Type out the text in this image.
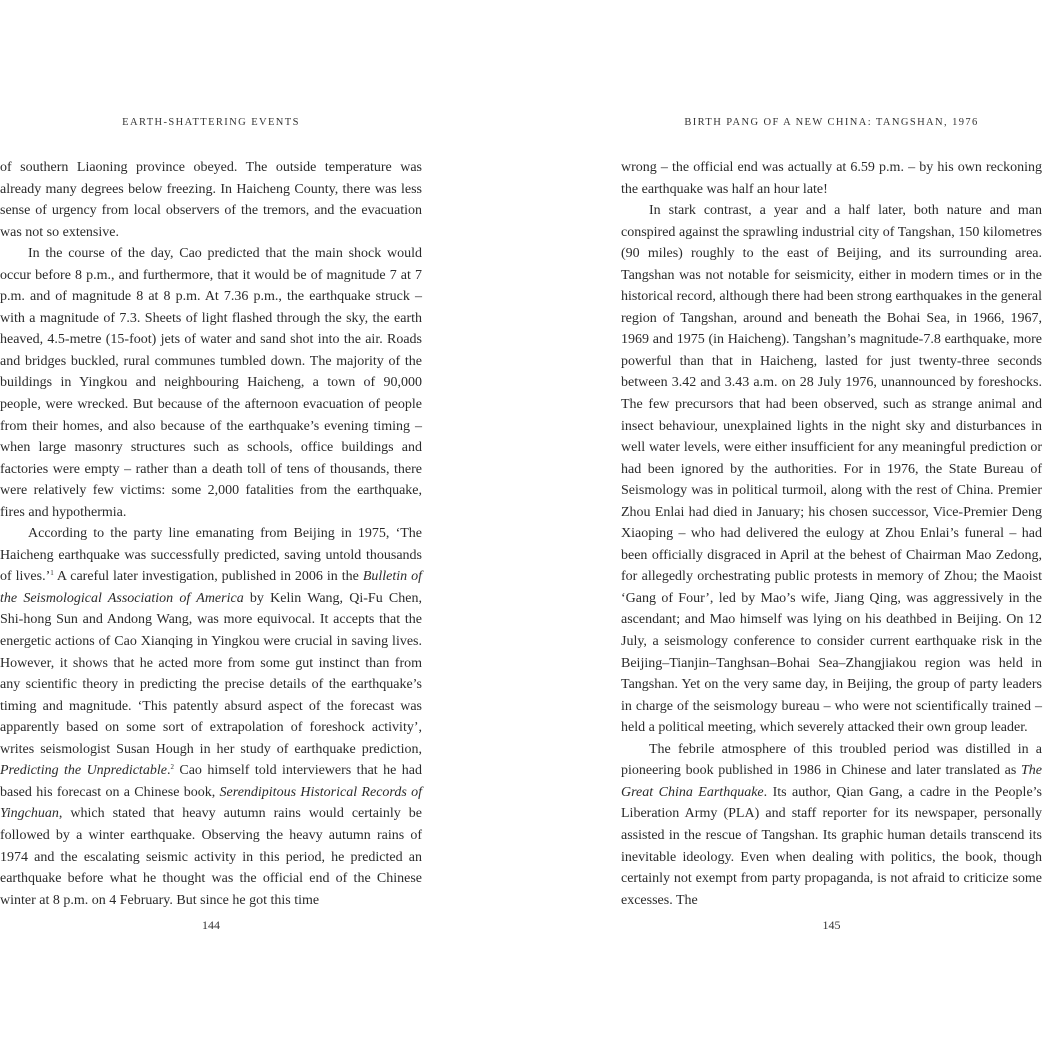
EARTH-SHATTERING EVENTS

of southern Liaoning province obeyed. The outside temperature was already many degrees below freezing. In Haicheng County, there was less sense of urgency from local observers of the tremors, and the evacuation was not so extensive.

In the course of the day, Cao predicted that the main shock would occur before 8 p.m., and furthermore, that it would be of magnitude 7 at 7 p.m. and of magnitude 8 at 8 p.m. At 7.36 p.m., the earthquake struck – with a magnitude of 7.3. Sheets of light flashed through the sky, the earth heaved, 4.5-metre (15-foot) jets of water and sand shot into the air. Roads and bridges buckled, rural communes tumbled down. The majority of the buildings in Yingkou and neighbouring Haicheng, a town of 90,000 people, were wrecked. But because of the afternoon evacuation of people from their homes, and also because of the earthquake’s evening timing – when large masonry structures such as schools, office buildings and factories were empty – rather than a death toll of tens of thousands, there were relatively few victims: some 2,000 fatalities from the earthquake, fires and hypothermia.

According to the party line emanating from Beijing in 1975, ‘The Haicheng earthquake was successfully predicted, saving untold thousands of lives.’$^1$ A careful later investigation, published in 2006 in the Bulletin of the Seismological Association of America by Kelin Wang, Qi-Fu Chen, Shi-hong Sun and Andong Wang, was more equivocal. It accepts that the energetic actions of Cao Xianqing in Yingkou were crucial in saving lives. However, it shows that he acted more from some gut instinct than from any scientific theory in predicting the precise details of the earthquake’s timing and magnitude. ‘This patently absurd aspect of the forecast was apparently based on some sort of extrapolation of foreshock activity’, writes seismologist Susan Hough in her study of earthquake prediction, Predicting the Unpredictable.$^2$ Cao himself told interviewers that he had based his forecast on a Chinese book, Serendipitous Historical Records of Yingchuan, which stated that heavy autumn rains would certainly be followed by a winter earthquake. Observing the heavy autumn rains of 1974 and the escalating seismic activity in this period, he predicted an earthquake before what he thought was the official end of the Chinese winter at 8 p.m. on 4 February. But since he got this time

144
BIRTH PANG OF A NEW CHINA: TANGSHAN, 1976

wrong – the official end was actually at 6.59 p.m. – by his own reckoning the earthquake was half an hour late!

In stark contrast, a year and a half later, both nature and man conspired against the sprawling industrial city of Tangshan, 150 kilometres (90 miles) roughly to the east of Beijing, and its surrounding area. Tangshan was not notable for seismicity, either in modern times or in the historical record, although there had been strong earthquakes in the general region of Tangshan, around and beneath the Bohai Sea, in 1966, 1967, 1969 and 1975 (in Haicheng). Tangshan’s magnitude-7.8 earthquake, more powerful than that in Haicheng, lasted for just twenty-three seconds between 3.42 and 3.43 a.m. on 28 July 1976, unannounced by foreshocks. The few precursors that had been observed, such as strange animal and insect behaviour, unexplained lights in the night sky and disturbances in well water levels, were either insufficient for any meaningful prediction or had been ignored by the authorities. For in 1976, the State Bureau of Seismology was in political turmoil, along with the rest of China. Premier Zhou Enlai had died in January; his chosen successor, Vice-Premier Deng Xiaoping – who had delivered the eulogy at Zhou Enlai’s funeral – had been officially disgraced in April at the behest of Chairman Mao Zedong, for allegedly orchestrating public protests in memory of Zhou; the Maoist ‘Gang of Four’, led by Mao’s wife, Jiang Qing, was aggressively in the ascendant; and Mao himself was lying on his deathbed in Beijing. On 12 July, a seismology conference to consider current earthquake risk in the Beijing–Tianjin–Tanghsan–Bohai Sea–Zhangjiakou region was held in Tangshan. Yet on the very same day, in Beijing, the group of party leaders in charge of the seismology bureau – who were not scientifically trained – held a political meeting, which severely attacked their own group leader.

The febrile atmosphere of this troubled period was distilled in a pioneering book published in 1986 in Chinese and later translated as The Great China Earthquake. Its author, Qian Gang, a cadre in the People’s Liberation Army (PLA) and staff reporter for its newspaper, personally assisted in the rescue of Tangshan. Its graphic human details transcend its inevitable ideology. Even when dealing with politics, the book, though certainly not exempt from party propaganda, is not afraid to criticize some excesses. The

145
